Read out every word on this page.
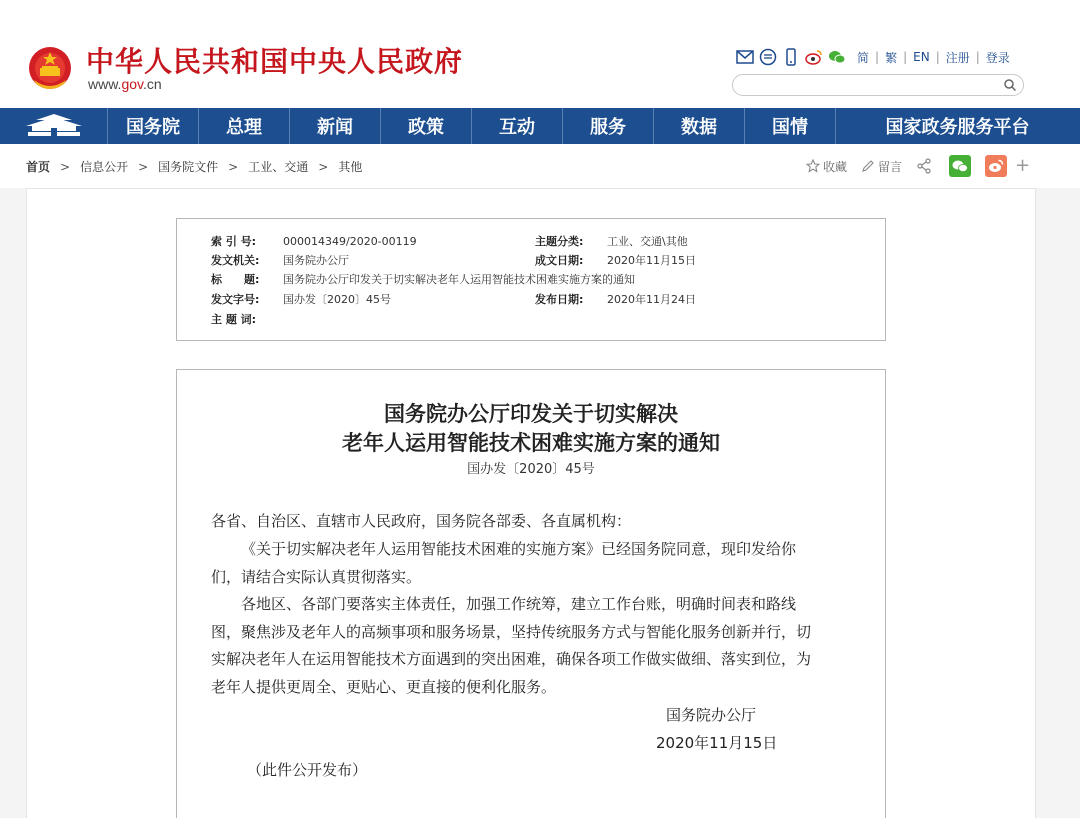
中华人民共和国中央人民政府
www.gov.cn
简 | 繁 | EN | 注册 | 登录
国务院	总理	新闻	政策	互动	服务	数据	国情	国家政务服务平台
首页 > 信息公开 > 国务院文件 > 工业、交通 > 其他	收藏	留言	+
索 引 号:	000014349/2020-00119	主题分类:	工业、交通\其他
发文机关:	国务院办公厅	成文日期:	2020年11月15日
标　　题:	国务院办公厅印发关于切实解决老年人运用智能技术困难实施方案的通知
发文字号:	国办发〔2020〕45号	发布日期:	2020年11月24日
主 题 词:
国务院办公厅印发关于切实解决
老年人运用智能技术困难实施方案的通知
国办发〔2020〕45号
各省、自治区、直辖市人民政府，国务院各部委、各直属机构：
《关于切实解决老年人运用智能技术困难的实施方案》已经国务院同意，现印发给你
们，请结合实际认真贯彻落实。
各地区、各部门要落实主体责任，加强工作统筹，建立工作台账，明确时间表和路线
图，聚焦涉及老年人的高频事项和服务场景，坚持传统服务方式与智能化服务创新并行，切
实解决老年人在运用智能技术方面遇到的突出困难，确保各项工作做实做细、落实到位，为
老年人提供更周全、更贴心、更直接的便利化服务。
国务院办公厅
2020年11月15日
（此件公开发布）
